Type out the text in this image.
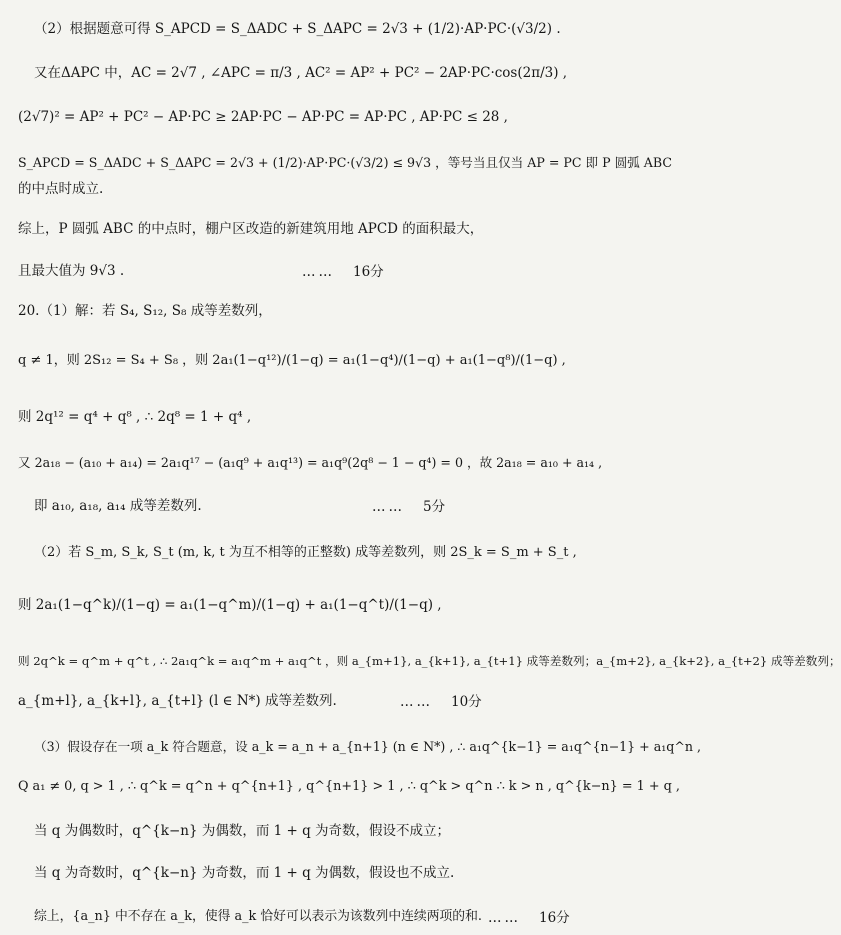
（2）根据题意可得 S_APCD = S_ΔADC + S_ΔAPC = 2√3 + (1/2)·AP·PC·(√3/2) .
又在ΔAPC 中，AC = 2√7 , ∠APC = π/3 , AC² = AP² + PC² − 2AP·PC·cos(2π/3) ,
(2√7)² = AP² + PC² − AP·PC ≥ 2AP·PC − AP·PC = AP·PC , AP·PC ≤ 28 ,
S_APCD = S_ΔADC + S_ΔAPC = 2√3 + (1/2)·AP·PC·(√3/2) ≤ 9√3 ，等号当且仅当 AP = PC 即 P 圆弧 ABC
的中点时成立.
综上，P 圆弧 ABC 的中点时，棚户区改造的新建筑用地 APCD 的面积最大，
且最大值为 9√3 .	…… 16分
20.（1）解：若 S₄, S₁₂, S₈ 成等差数列，
q ≠ 1，则 2S₁₂ = S₄ + S₈ ，则 2a₁(1−q¹²)/(1−q) = a₁(1−q⁴)/(1−q) + a₁(1−q⁸)/(1−q) ,
则 2q¹² = q⁴ + q⁸ , ∴ 2q⁸ = 1 + q⁴ ,
又 2a₁₈ − (a₁₀ + a₁₄) = 2a₁q¹⁷ − (a₁q⁹ + a₁q¹³) = a₁q⁹(2q⁸ − 1 − q⁴) = 0 ，故 2a₁₈ = a₁₀ + a₁₄ ,
即 a₁₀, a₁₈, a₁₄ 成等差数列.	…… 5分
（2）若 S_m, S_k, S_t (m, k, t 为互不相等的正整数) 成等差数列，则 2S_k = S_m + S_t ,
则 2a₁(1−q^k)/(1−q) = a₁(1−q^m)/(1−q) + a₁(1−q^t)/(1−q) ,
则 2q^k = q^m + q^t , ∴ 2a₁q^k = a₁q^m + a₁q^t ，则 a_{m+1}, a_{k+1}, a_{t+1} 成等差数列；a_{m+2}, a_{k+2}, a_{t+2} 成等差数列；
a_{m+l}, a_{k+l}, a_{t+l} (l ∈ N*) 成等差数列.	…… 10分
（3）假设存在一项 a_k 符合题意，设 a_k = a_n + a_{n+1} (n ∈ N*) , ∴ a₁q^{k−1} = a₁q^{n−1} + a₁q^n ,
Q a₁ ≠ 0, q > 1 , ∴ q^k = q^n + q^{n+1} , q^{n+1} > 1 , ∴ q^k > q^n ∴ k > n , q^{k−n} = 1 + q ,
当 q 为偶数时，q^{k−n} 为偶数，而 1 + q 为奇数，假设不成立；
当 q 为奇数时，q^{k−n} 为奇数，而 1 + q 为偶数，假设也不成立.
综上，{a_n} 中不存在 a_k，使得 a_k 恰好可以表示为该数列中连续两项的和. …… 16分
